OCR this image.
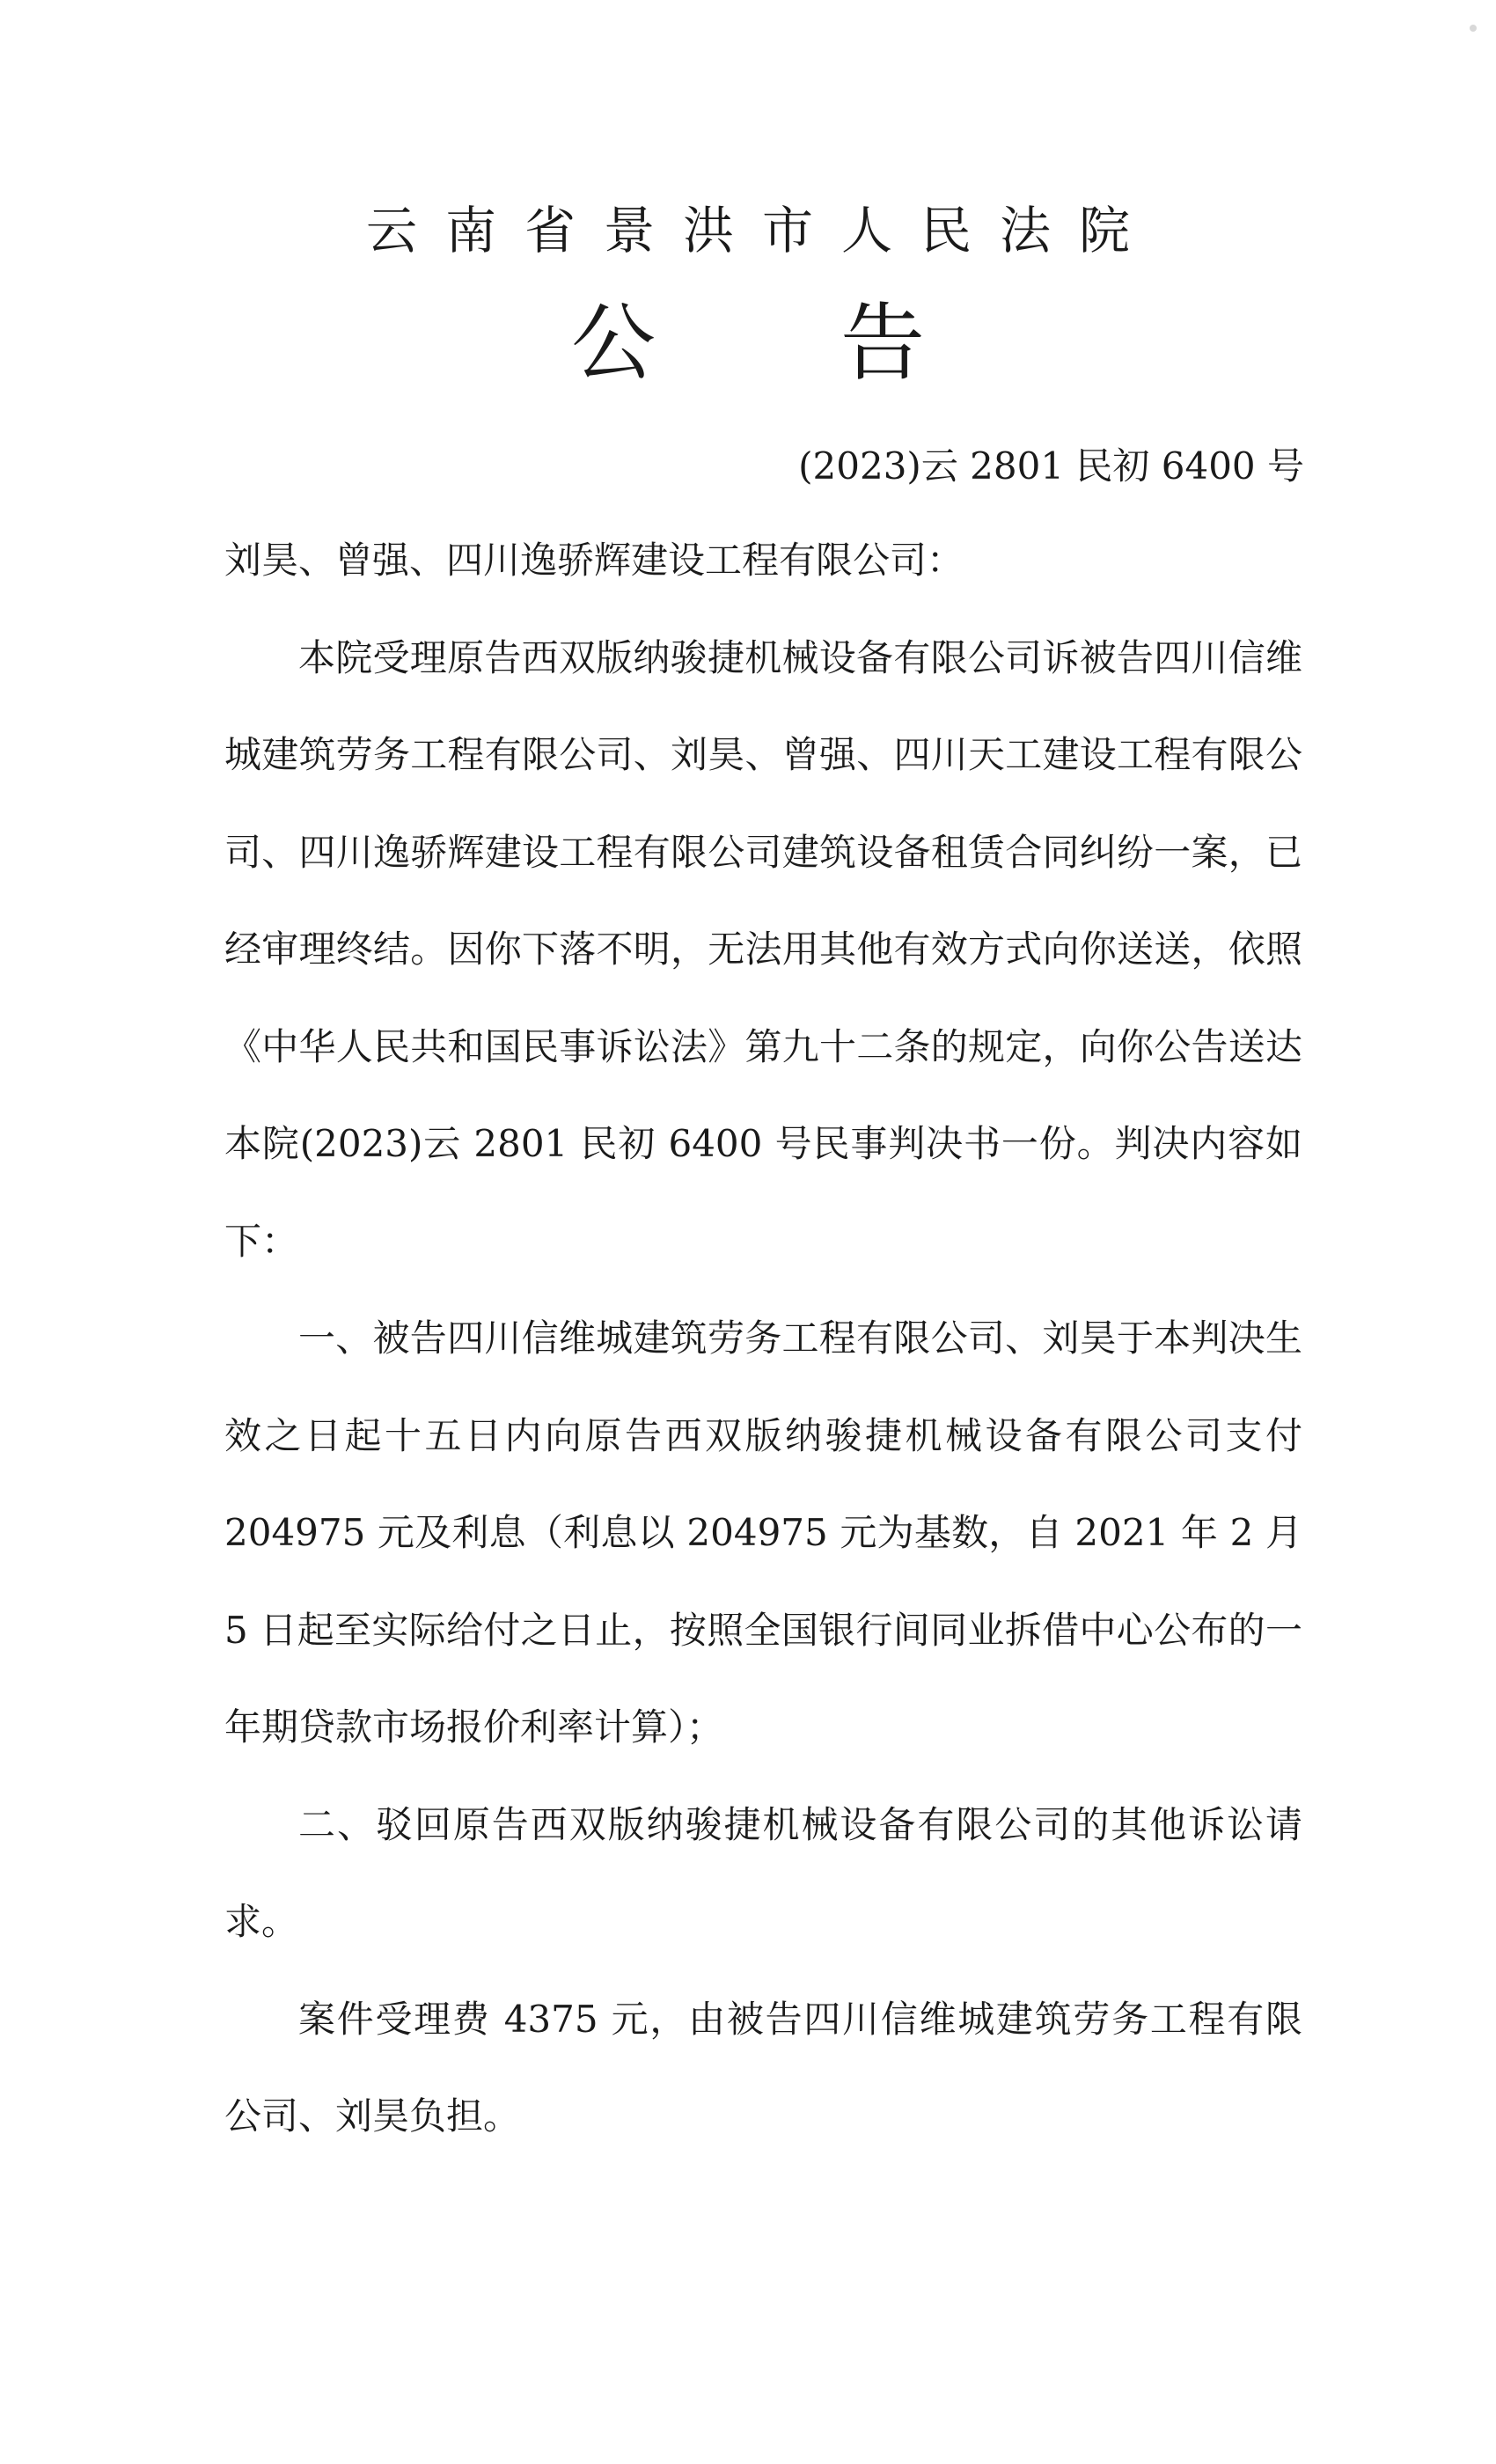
云南省景洪市人民法院
公 告
(2023)云 2801 民初 6400 号

刘昊、曾强、四川逸骄辉建设工程有限公司：

本院受理原告西双版纳骏捷机械设备有限公司诉被告四川信维城建筑劳务工程有限公司、刘昊、曾强、四川天工建设工程有限公司、四川逸骄辉建设工程有限公司建筑设备租赁合同纠纷一案，已经审理终结。因你下落不明，无法用其他有效方式向你送送，依照《中华人民共和国民事诉讼法》第九十二条的规定，向你公告送达本院(2023)云 2801 民初 6400 号民事判决书一份。判决内容如下：

一、被告四川信维城建筑劳务工程有限公司、刘昊于本判决生效之日起十五日内向原告西双版纳骏捷机械设备有限公司支付204975 元及利息（利息以 204975 元为基数，自 2021 年 2 月 5 日起至实际给付之日止，按照全国银行间同业拆借中心公布的一年期贷款市场报价利率计算）；

二、驳回原告西双版纳骏捷机械设备有限公司的其他诉讼请求。

案件受理费 4375 元，由被告四川信维城建筑劳务工程有限公司、刘昊负担。
